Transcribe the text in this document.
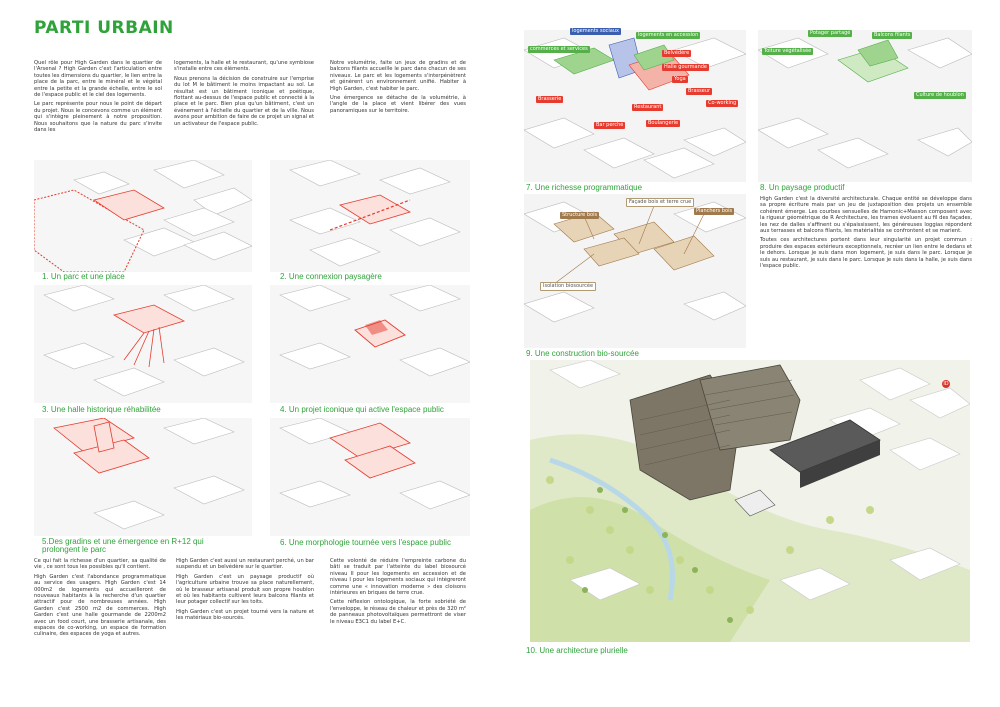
PARTI URBAIN

Quel rôle pour High Garden dans le quartier de l'Arsenal ? High Garden c'est l'articulation entre toutes les dimensions du quartier, le lien entre la place de la parc, entre le minéral et le végétal entre la petite et la grande échelle, entre le sol de l'espace public et le ciel des logements.

Le parc représente pour nous le point de départ du projet. Nous le concevons comme un élément qui s'intègre pleinement à notre proposition. Nous souhaitons que la nature du parc s'invite dans les

logements, la halle et le restaurant, qu'une symbiose s'installe entre ces éléments.

Nous prenons la décision de construire sur l'emprise du lot M le bâtiment le moins impactant au sol. Le résultat est un bâtiment iconique et poétique, flottant au-dessus de l'espace public et connecté à la place et le parc. Bien plus qu'un bâtiment, c'est un événement à l'échelle du quartier et de la ville. Nous avons pour ambition de faire de ce projet un signal et un activateur de l'espace public.

Notre volumétrie, faite un jeux de gradins et de balcons filants accueille le parc dans chacun de ses niveaux. Le parc et les logements s'interpénètrent et génèrent un environnement unifié. Habiter à High Garden, c'est habiter le parc.

Une émergence se détache de la volumétrie, à l'angle de la place et vient libérer des vues panoramiques sur le territoire.

1. Un parc et une place	2. Une connexion paysagère
3. Une halle historique réhabilitée	4. Un projet iconique qui active l'espace public
5.Des gradins et une émergence en R+12 qui prolongent le parc
6. Une morphologie tournée vers l'espace public

Ce qui fait la richesse d'un quartier, sa qualité de vie , ce sont tous les possibles qu'il contient.

High Garden c'est l'abondance programmatique au service des usagers. High Garden c'est 14 000m2 de logements qui accueilleront de nouveaux habitants à la recherche d'un quartier attractif pour de nombreuses années. High Garden c'est 2500 m2 de commerces. High Garden c'est une halle gourmande de 2200m2 avec un food court, une brasserie artisanale, des espaces de co-working, un espace de formation culinaire, des espaces de yoga et autres.

High Garden c'est aussi un restaurant perché, un bar suspendu et un belvédère sur le quartier.

High Garden c'est un paysage productif où l'agriculture urbaine trouve sa place naturellement, où le brasseur artisanal produit son propre houblon et où les habitants cultivent leurs balcons filants et leur potager collectif sur les toits.

High Garden c'est un projet tourné vers la nature et les matériaux bio-sourcés.

Cette volonté de réduire l'empreinte carbone du bâti se traduit par l'atteinte du label biosourcé niveau II pour les logements en accession et de niveau I pour les logements sociaux qui intègreront comme une « innovation moderne » des cloisons intérieures en briques de terre crue.

Cette réflexion ontologique, la forte sobriété de l'enveloppe, le réseau de chaleur et près de 320 m² de panneaux photovoltaïques permettront de viser le niveau E3C1 du label E+C.

logements sociaux
logements en accession
commerces et services
Belvédère
Halle gourmande
Yoga
Brasseur
Co-working
Brasserie
Restaurant
Bar perché	Boulangerie
7. Une richesse programmatique
Potager partagé	Balcons filants
Toiture végétalisée
Culture de houblon
8. Un paysage productif

High Garden c'est la diversité architecturale. Chaque entité se développe dans sa propre écriture mais par un jeu de juxtaposition des projets un ensemble cohérent émerge. Les courbes sensuelles de Hamonic+Masson composent avec la rigueur géométrique de R Architecture, les trames évoluent au fil des façades, les nez de dalles s'affinent ou s'épaississent, les généreuses loggias répondent aux terrasses et balcons filants, les matérialités se confrontent et se marient.

Toutes ces architectures portent dans leur singularité un projet commun : produire des espaces extérieurs exceptionnels, recréer un lien entre le dedans et le dehors. Lorsque je suis dans mon logement, je suis dans le parc. Lorsque je suis au restaurant, je suis dans le parc. Lorsque je suis dans la halle, je suis dans l'espace public.

Structure bois
Façade bois et terre crue
Planchers bois
Isolation biosourcée
9. Une construction bio-sourcée
ID
10. Une architecture plurielle
